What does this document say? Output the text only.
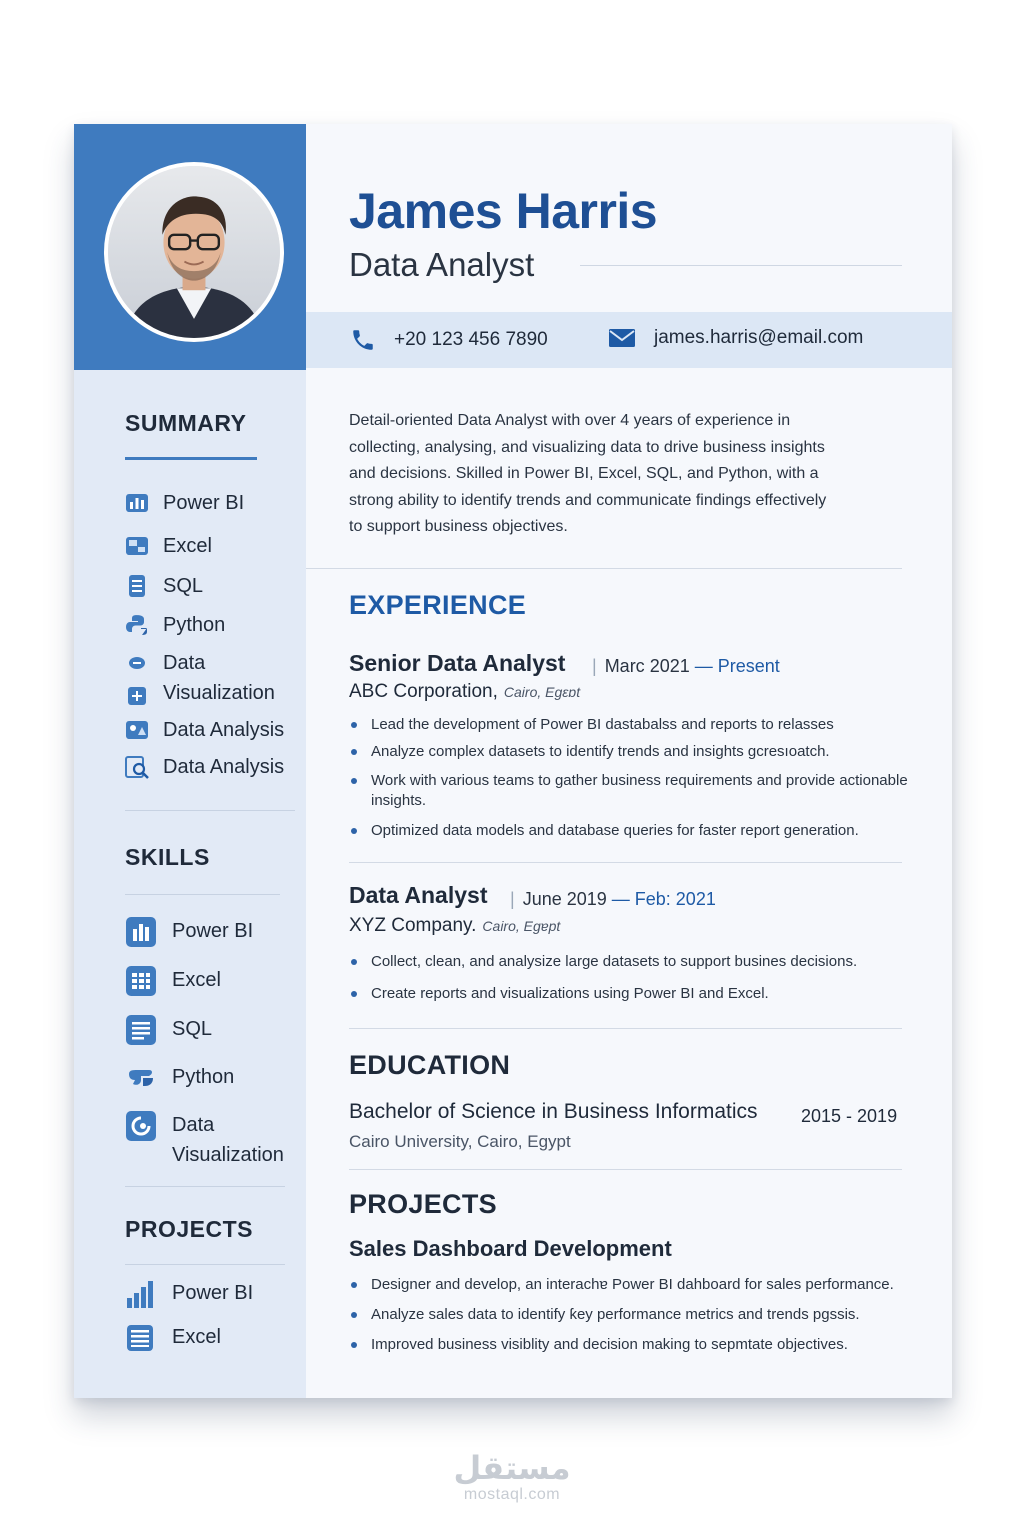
James Harris
Data Analyst
+20 123 456 7890	james.harris@email.com
SUMMARY
Power BI
Excel
SQL
Python
Data
Visualization
Data Analysis
Data Analysis
SKILLS
Power BI
Excel
SQL
Python
Data
Visualization
PROJECTS
Power BI
Excel
Detail-oriented Data Analyst with over 4 years of experience in
collecting, analysing, and visualizing data to drive business insights
and decisions. Skilled in Power BI, Excel, SQL, and Python, with a
strong ability to identify trends and communicate findings effectively
to support business objectives.
EXPERIENCE
Senior Data Analyst | Marc 2021 — Present
ABC Corporation, Cairo, Egɛɒt
Lead the development of Power BI dastabalss and reports to relasses
Analyze complex datasets to identify trends and insights gcresıoatch.
Work with various teams to gather business requirements and provide actionable insights.
Optimized data models and database queries for faster report generation.
Data Analyst | June 2019 — Feb: 2021
XYZ Company. Cairo, Egɐpt
Collect, clean, and analysize large datasets to support busines decisions.
Create reports and visualizations using Power BI and Excel.
EDUCATION
Bachelor of Science in Business Informatics 2015 - 2019
Cairo University, Cairo, Egypt
PROJECTS
Sales Dashboard Development
Designer and develop, an interachɐ Power BI dahboard for sales performance.
Analyze sales data to identify ƙey performance metrics and trends pgssis.
Improved business visiblity and decision making to sepmtate objectives.
مستقل
mostaql.com
